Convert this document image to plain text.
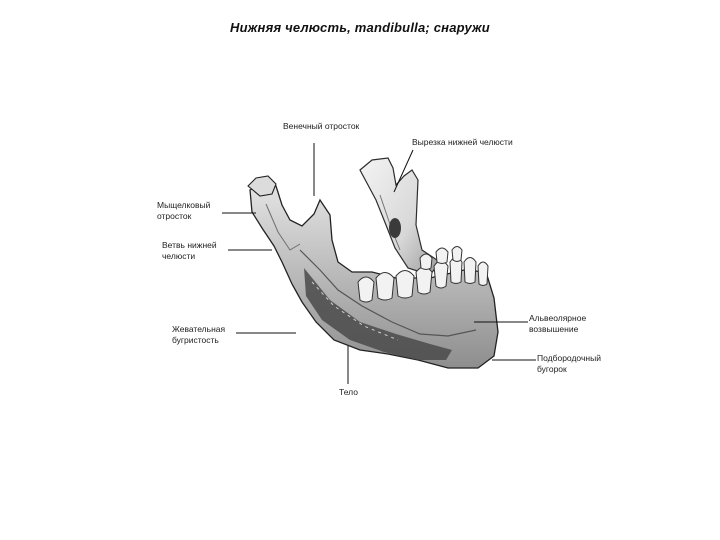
Нижняя челюсть, mandibulla; снаружи
Венечный отросток
Вырезка нижней челюсти
Мыщелковый
отросток
Ветвь нижней
челюсти
Альвеолярное
возвышение
Жевательная
бугристость
Подбородочный
бугорок
Тело
